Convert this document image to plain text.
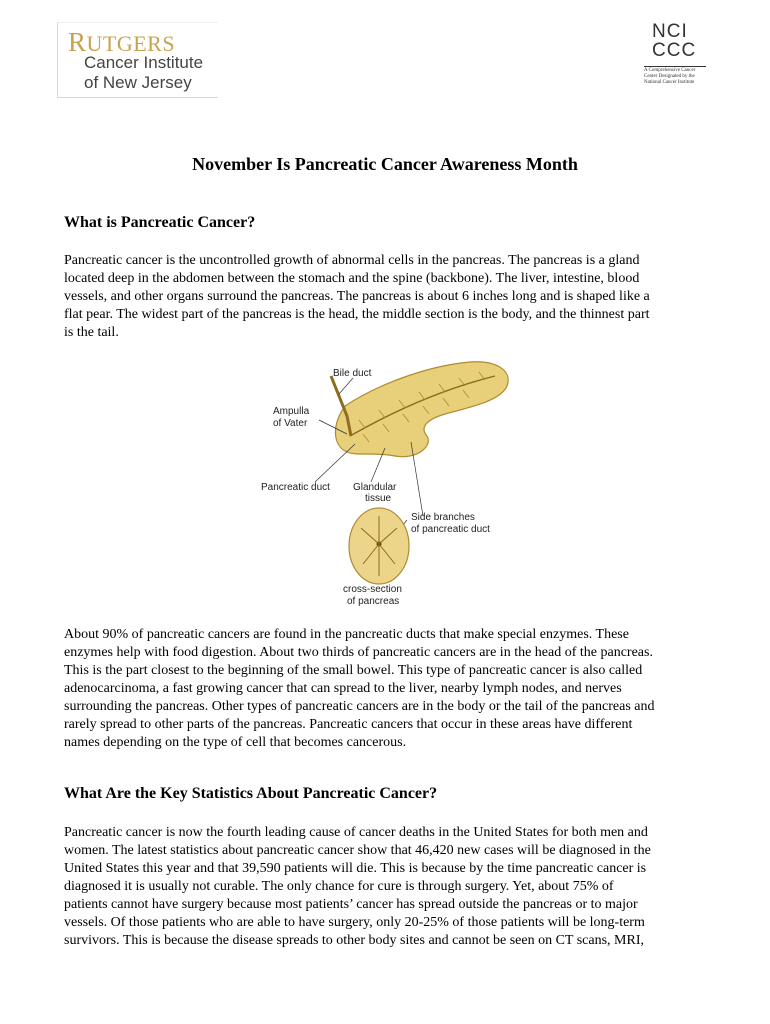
RUTGERS
Cancer Institute
of New Jersey
NCI
CCC
A Comprehensive Cancer Center Designated by the National Cancer Institute
November Is Pancreatic Cancer Awareness Month
What is Pancreatic Cancer?
Pancreatic cancer is the uncontrolled growth of abnormal cells in the pancreas. The pancreas is a gland
located deep in the abdomen between the stomach and the spine (backbone). The liver, intestine, blood
vessels, and other organs surround the pancreas. The pancreas is about 6 inches long and is shaped like a
flat pear. The widest part of the pancreas is the head, the middle section is the body, and the thinnest part
is the tail.
Bile duct
Ampulla
of Vater
Pancreatic duct Glandular
tissue
Side branches
of pancreatic duct
cross-section
of pancreas
About 90% of pancreatic cancers are found in the pancreatic ducts that make special enzymes. These
enzymes help with food digestion. About two thirds of pancreatic cancers are in the head of the pancreas.
This is the part closest to the beginning of the small bowel. This type of pancreatic cancer is also called
adenocarcinoma, a fast growing cancer that can spread to the liver, nearby lymph nodes, and nerves
surrounding the pancreas. Other types of pancreatic cancers are in the body or the tail of the pancreas and
rarely spread to other parts of the pancreas. Pancreatic cancers that occur in these areas have different
names depending on the type of cell that becomes cancerous.
What Are the Key Statistics About Pancreatic Cancer?
Pancreatic cancer is now the fourth leading cause of cancer deaths in the United States for both men and
women. The latest statistics about pancreatic cancer show that 46,420 new cases will be diagnosed in the
United States this year and that 39,590 patients will die. This is because by the time pancreatic cancer is
diagnosed it is usually not curable. The only chance for cure is through surgery. Yet, about 75% of
patients cannot have surgery because most patients’ cancer has spread outside the pancreas or to major
vessels. Of those patients who are able to have surgery, only 20-25% of those patients will be long-term
survivors. This is because the disease spreads to other body sites and cannot be seen on CT scans, MRI,
